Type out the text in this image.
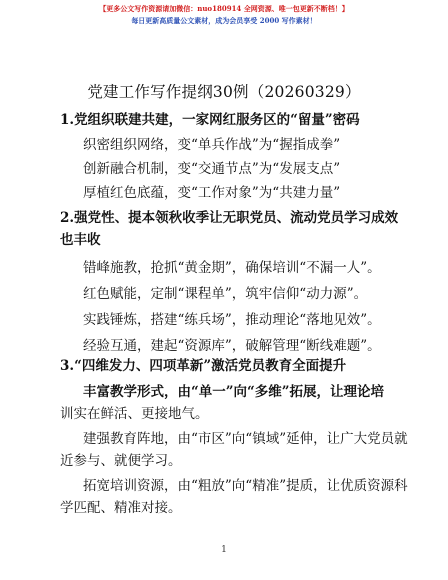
【更多公文写作资源请加微信：nuo180914 全网资源、唯一包更新不断档！】
每日更新高质量公文素材，成为会员享受 2000 写作素材！
党建工作写作提纲30例（20260329）
1.党组织联建共建，一家网红服务区的“留量”密码
织密组织网络，变“单兵作战”为“握指成拳”
创新融合机制，变“交通节点”为“发展支点”
厚植红色底蕴，变“工作对象”为“共建力量”
2.强党性、提本领秋收季让无职党员、流动党员学习成效
也丰收
错峰施教，抢抓“黄金期”，确保培训“不漏一人”。
红色赋能，定制“课程单”，筑牢信仰“动力源”。
实践锤炼，搭建“练兵场”，推动理论“落地见效”。
经验互通，建起“资源库”，破解管理“断线难题”。
3.“四维发力、四项革新”激活党员教育全面提升
丰富教学形式，由“单一”向“多维”拓展，让理论培
训实在鲜活、更接地气。
建强教育阵地，由“市区”向“镇域”延伸，让广大党员就
近参与、就便学习。
拓宽培训资源，由“粗放”向“精准”提质，让优质资源科
学匹配、精准对接。
1
